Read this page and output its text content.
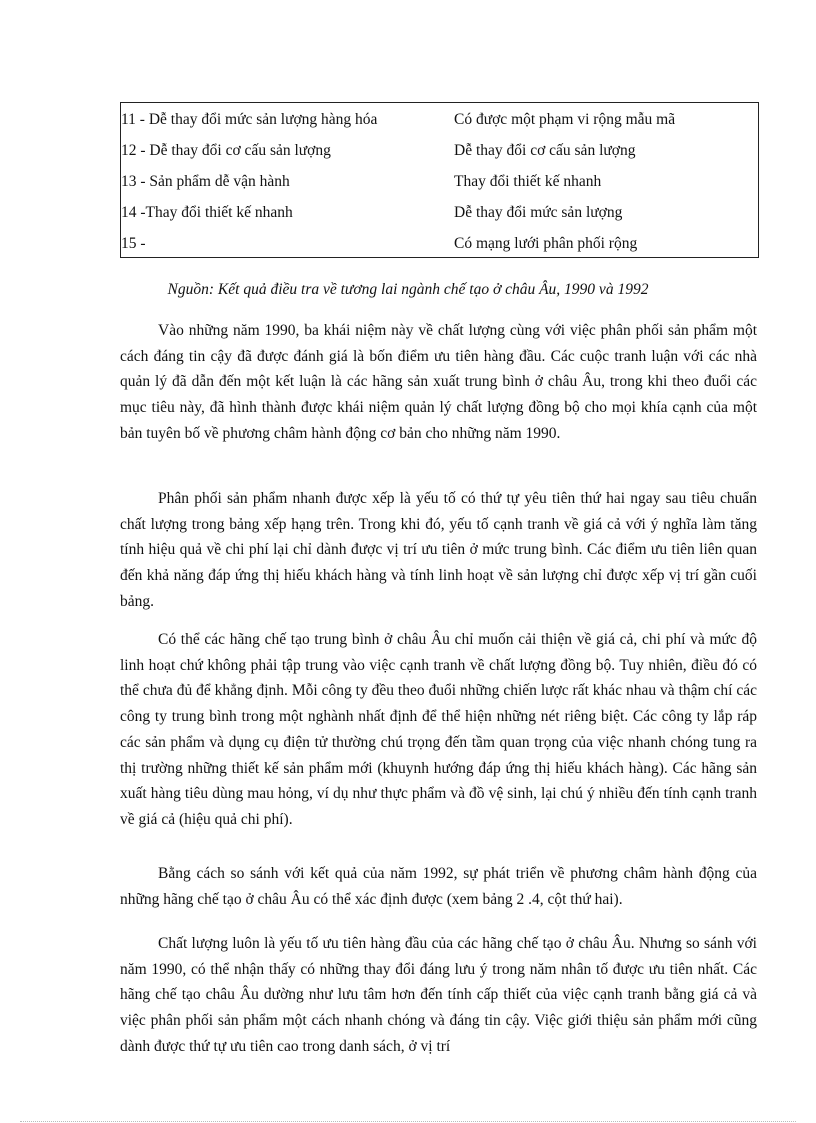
11 - Dễ thay đổi mức sản lượng hàng hóa	Có được một phạm vi rộng mẫu mã
12 - Dễ thay đổi cơ cấu sản lượng	Dễ thay đổi cơ cấu sản lượng
13 - Sản phẩm dễ vận hành	Thay đổi thiết kế nhanh
14 -Thay đổi thiết kế nhanh	Dễ thay đổi mức sản lượng
15 -	Có mạng lưới phân phối rộng
Nguồn: Kết quả điều tra về tương lai ngành chế tạo ở châu Âu, 1990 và 1992

Vào những năm 1990, ba khái niệm này về chất lượng cùng với việc phân phối sản phẩm một cách đáng tin cậy đã được đánh giá là bốn điểm ưu tiên hàng đầu. Các cuộc tranh luận với các nhà quản lý đã dẫn đến một kết luận là các hãng sản xuất trung bình ở châu Âu, trong khi theo đuổi các mục tiêu này, đã hình thành được khái niệm quản lý chất lượng đồng bộ cho mọi khía cạnh của một bản tuyên bố về phương châm hành động cơ bản cho những năm 1990.

Phân phối sản phẩm nhanh được xếp là yếu tố có thứ tự yêu tiên thứ hai ngay sau tiêu chuẩn chất lượng trong bảng xếp hạng trên. Trong khi đó, yếu tố cạnh tranh về giá cả với ý nghĩa làm tăng tính hiệu quả về chi phí lại chỉ dành được vị trí ưu tiên ở mức trung bình. Các điểm ưu tiên liên quan đến khả năng đáp ứng thị hiếu khách hàng và tính linh hoạt về sản lượng chỉ được xếp vị trí gần cuối bảng.

Có thể các hãng chế tạo trung bình ở châu Âu chỉ muốn cải thiện về giá cả, chi phí và mức độ linh hoạt chứ không phải tập trung vào việc cạnh tranh về chất lượng đồng bộ. Tuy nhiên, điều đó có thể chưa đủ để khẳng định. Mỗi công ty đều theo đuổi những chiến lược rất khác nhau và thậm chí các công ty trung bình trong một nghành nhất định để thể hiện những nét riêng biệt. Các công ty lắp ráp các sản phẩm và dụng cụ điện tử thường chú trọng đến tầm quan trọng của việc nhanh chóng tung ra thị trường những thiết kế sản phẩm mới (khuynh hướng đáp ứng thị hiếu khách hàng). Các hãng sản xuất hàng tiêu dùng mau hỏng, ví dụ như thực phẩm và đồ vệ sinh, lại chú ý nhiều đến tính cạnh tranh về giá cả (hiệu quả chi phí).

Bằng cách so sánh với kết quả của năm 1992, sự phát triển về phương châm hành động của những hãng chế tạo ở châu Âu có thể xác định được (xem bảng 2 .4, cột thứ hai).

Chất lượng luôn là yếu tố ưu tiên hàng đầu của các hãng chế tạo ở châu Âu. Nhưng so sánh với năm 1990, có thể nhận thấy có những thay đổi đáng lưu ý trong năm nhân tố được ưu tiên nhất. Các hãng chế tạo châu Âu dường như lưu tâm hơn đến tính cấp thiết của việc cạnh tranh bằng giá cả và việc phân phối sản phẩm một cách nhanh chóng và đáng tin cậy. Việc giới thiệu sản phẩm mới cũng dành được thứ tự ưu tiên cao trong danh sách, ở vị trí
